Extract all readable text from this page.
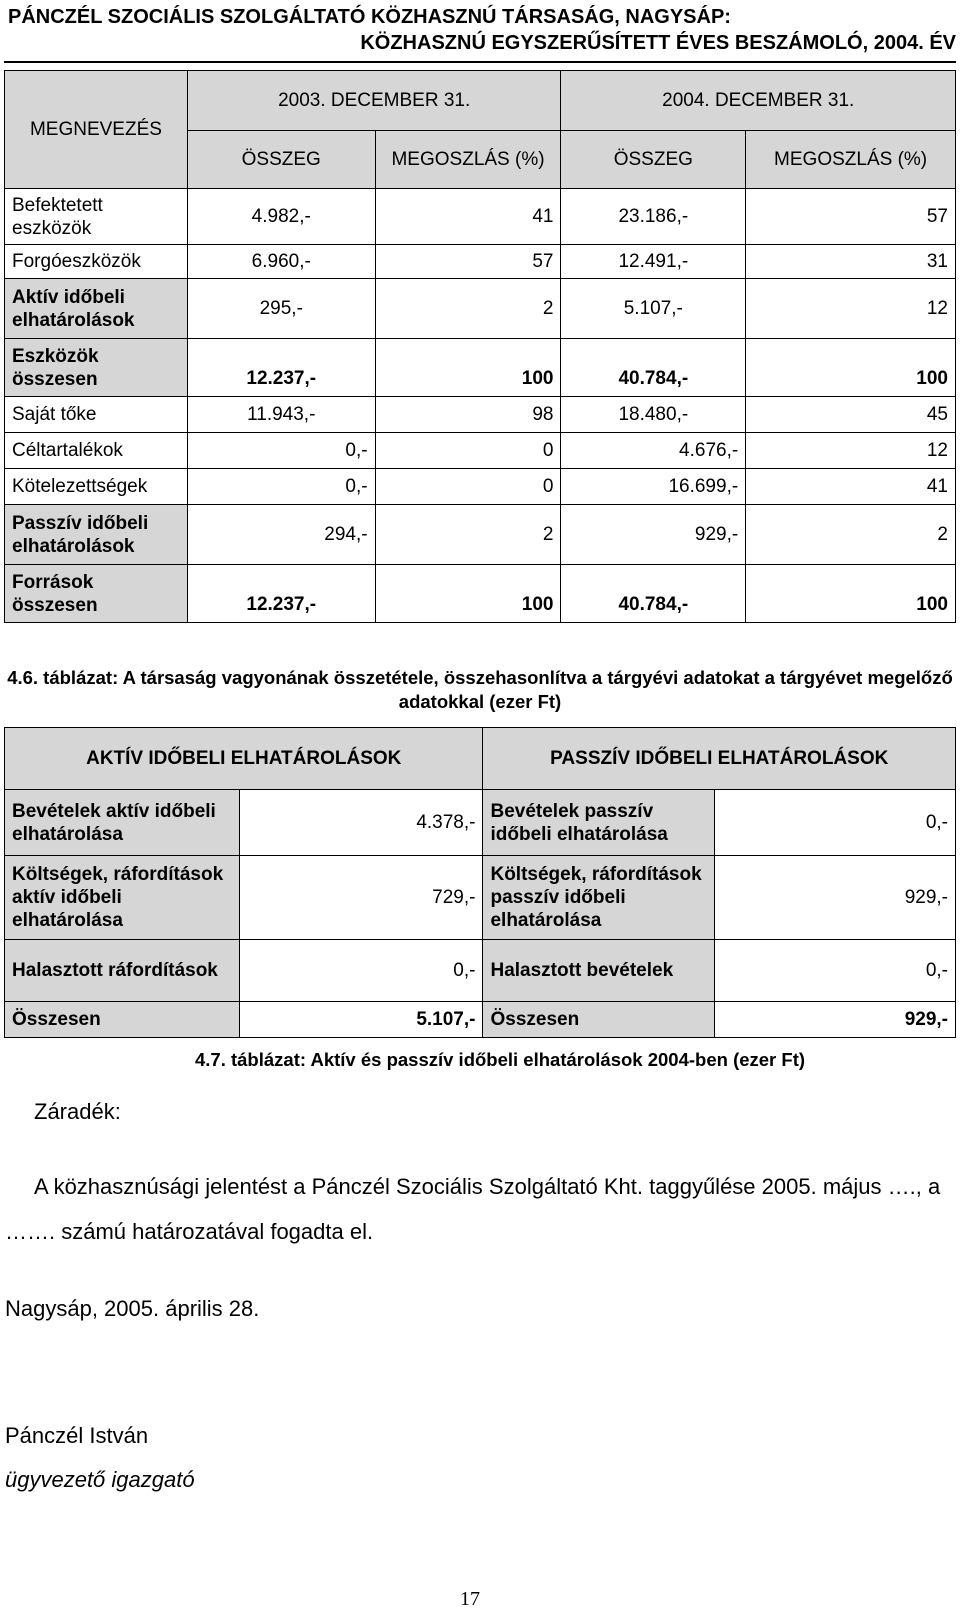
PÁNCZÉL SZOCIÁLIS SZOLGÁLTATÓ KÖZHASZNÚ TÁRSASÁG, NAGYSÁP:
KÖZHASZNÚ EGYSZERŰSÍTETT ÉVES BESZÁMOLÓ, 2004. ÉV
MEGNEVEZÉS	2003. DECEMBER 31.		2004. DECEMBER 31.	
	ÖSSZEG	MEGOSZLÁS (%)	ÖSSZEG	MEGOSZLÁS (%)
Befektetett eszközök	4.982,-	41	23.186,-	57
Forgóeszközök	6.960,-	57	12.491,-	31
Aktív időbeli elhatárolások	295,-	2	5.107,-	12
Eszközök összesen	12.237,-	100	40.784,-	100
Saját tőke	11.943,-	98	18.480,-	45
Céltartalékok	0,-	0	4.676,-	12
Kötelezettségek	0,-	0	16.699,-	41
Passzív időbeli elhatárolások	294,-	2	929,-	2
Források összesen	12.237,-	100	40.784,-	100
4.6. táblázat: A társaság vagyonának összetétele, összehasonlítva a tárgyévi adatokat a tárgyévet megelőző adatokkal (ezer Ft)
AKTÍV IDŐBELI ELHATÁROLÁSOK		PASSZÍV IDŐBELI ELHATÁROLÁSOK	
Bevételek aktív időbeli elhatárolása	4.378,-	Bevételek passzív időbeli elhatárolása	0,-
Költségek, ráfordítások aktív időbeli elhatárolása	729,-	Költségek, ráfordítások passzív időbeli elhatárolása	929,-
Halasztott ráfordítások	0,-	Halasztott bevételek	0,-
Összesen	5.107,-	Összesen	929,-
4.7. táblázat: Aktív és passzív időbeli elhatárolások 2004-ben (ezer Ft)
Záradék:
A közhasznúsági jelentést a Pánczél Szociális Szolgáltató Kht. taggyűlése 2005. május …., a ……. számú határozatával fogadta el.
Nagysáp, 2005. április 28.
Pánczél István
ügyvezető igazgató
17
